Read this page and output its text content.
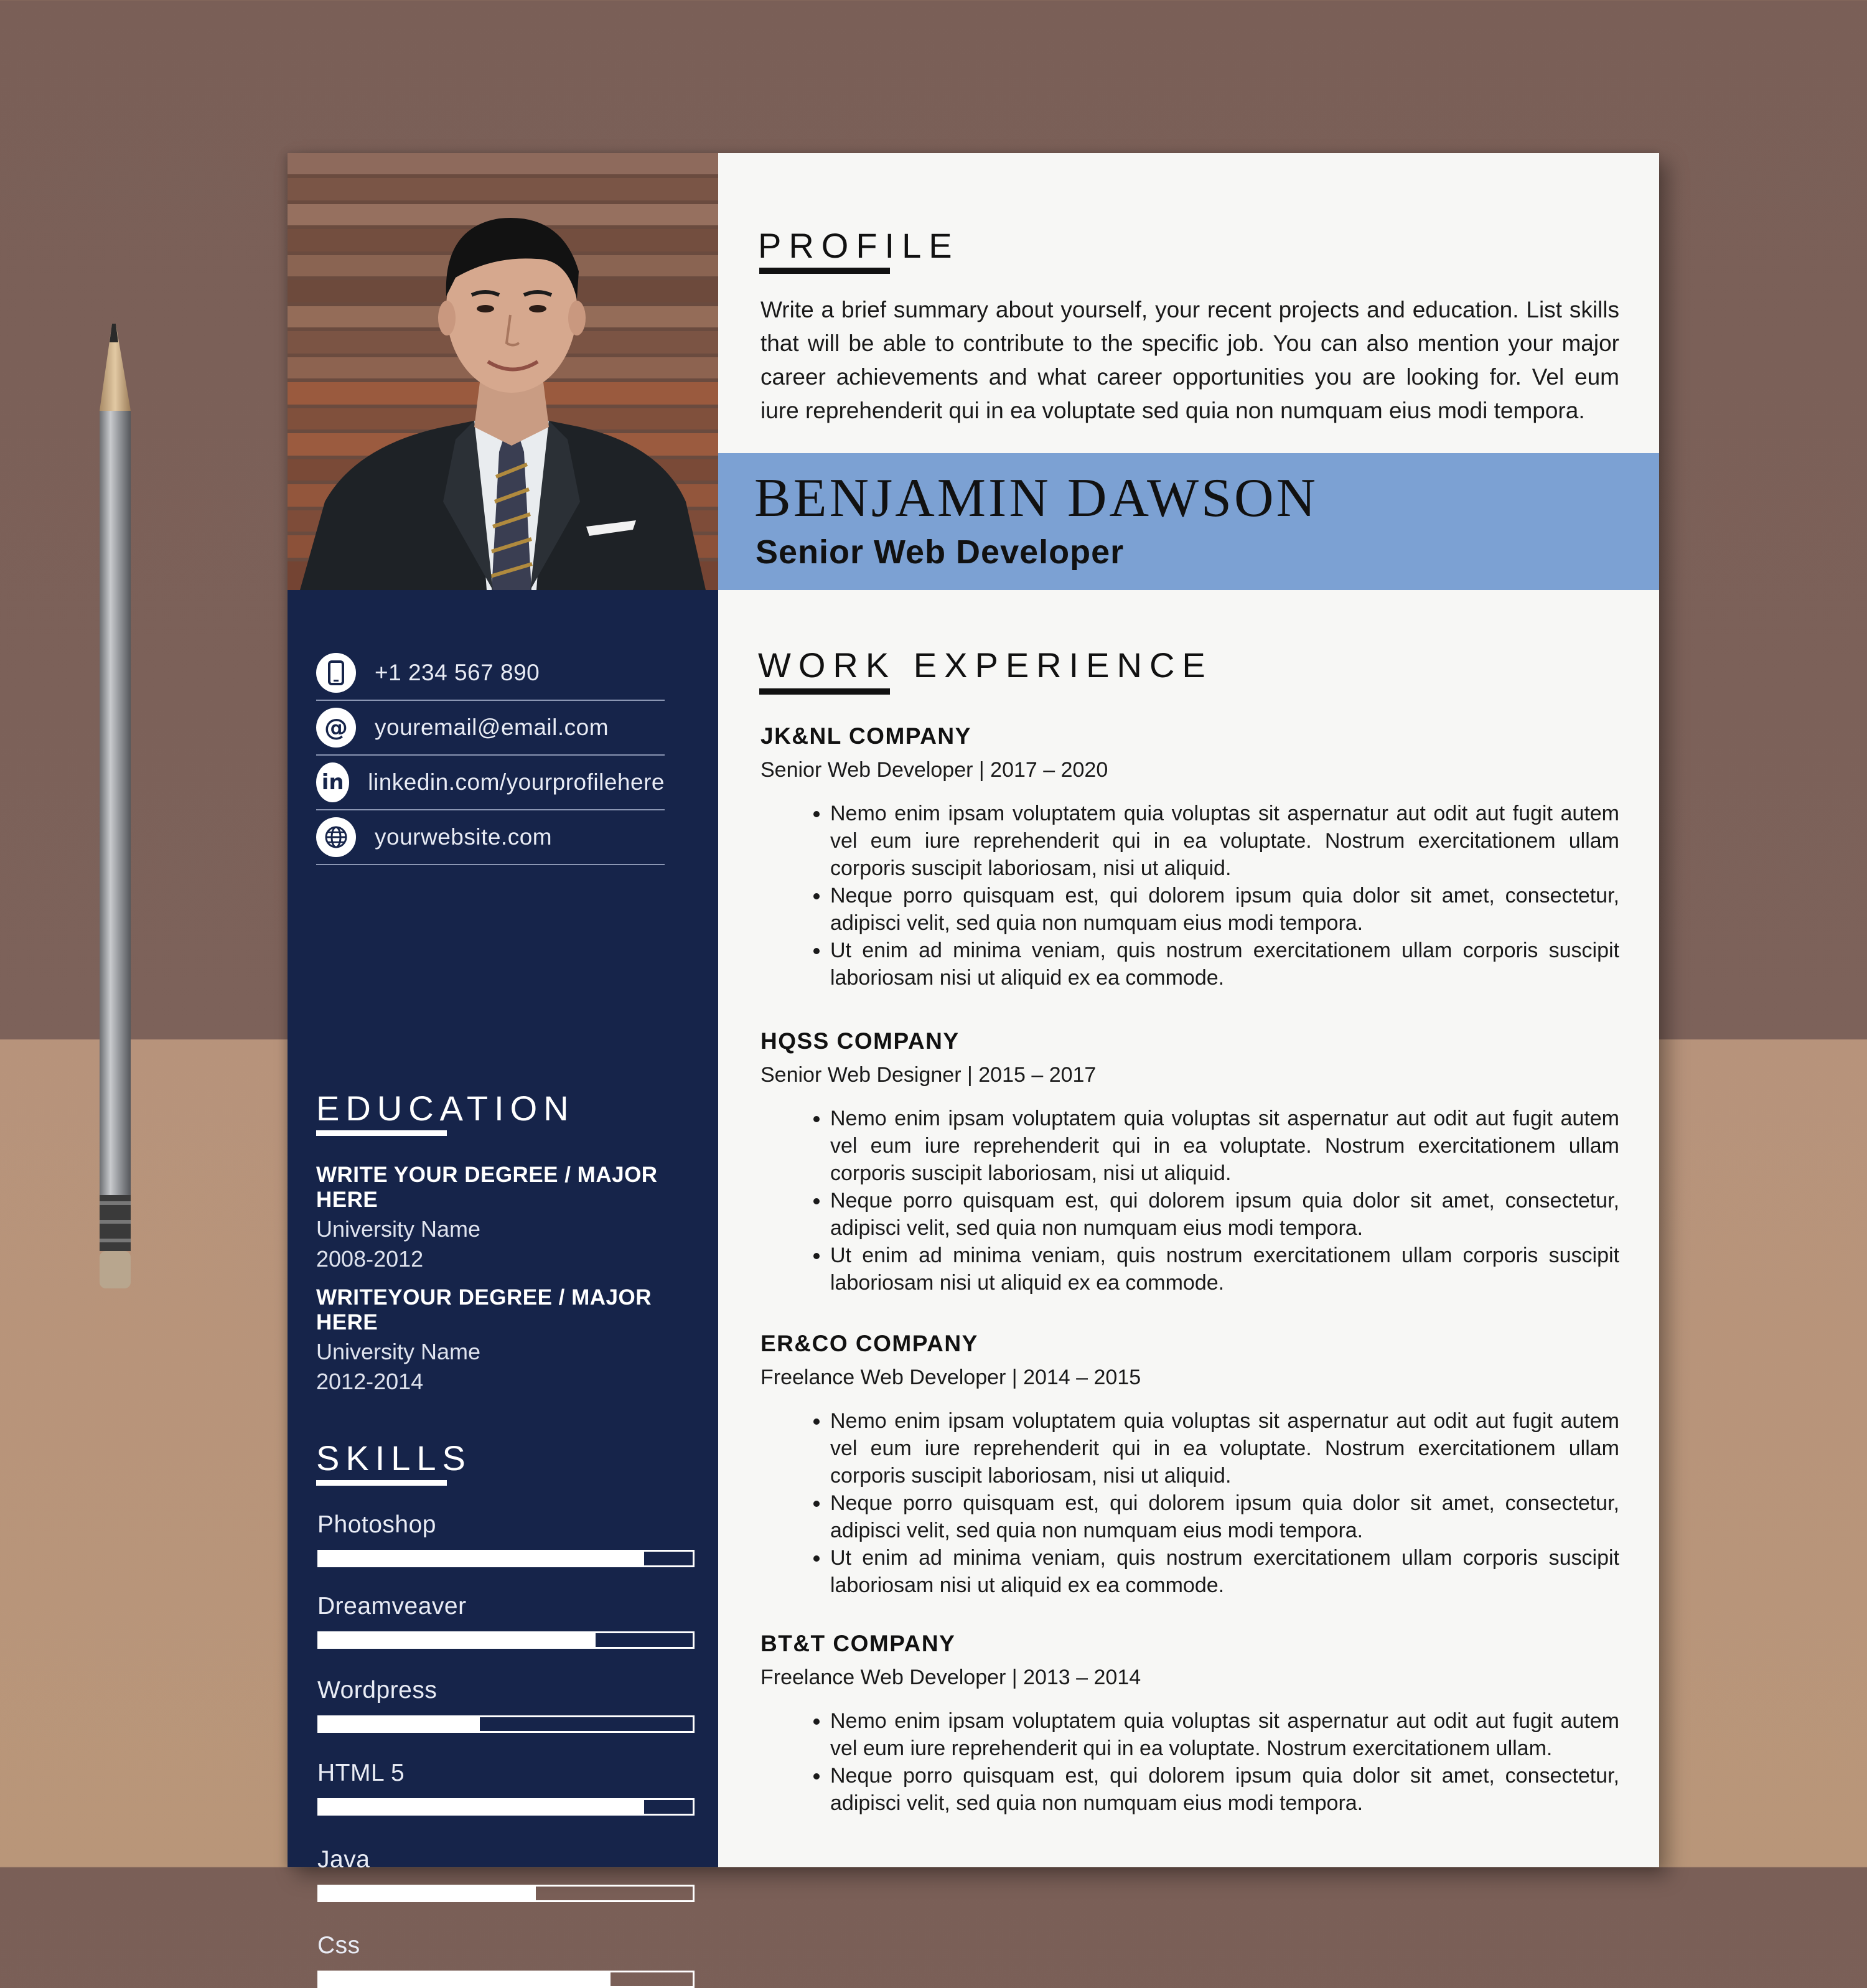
+1 234 567 890
@	youremail@email.com
in linkedin.com/yourprofilehere
yourwebsite.com
EDUCATION
WRITE YOUR DEGREE / MAJOR HERE
University Name
2008-2012
WRITEYOUR DEGREE / MAJOR HERE
University Name
2012-2014
SKILLS
Photoshop
Dreamveaver
Wordpress
HTML 5
Java
Css
PROFILE
Write a brief summary about yourself, your recent projects and education. List skills that will be able to contribute to the specific job. You can also mention your major career achievements and what career opportunities you are looking for. Vel eum iure reprehenderit qui in ea voluptate sed quia non numquam eius modi tempora.
BENJAMIN DAWSON
Senior Web Developer
WORK EXPERIENCE
JK&NL COMPANY
Senior Web Developer | 2017 – 2020
• Nemo enim ipsam voluptatem quia voluptas sit aspernatur aut odit aut fugit autem vel eum iure reprehenderit qui in ea voluptate. Nostrum exercitationem ullam corporis suscipit laboriosam, nisi ut aliquid.
• Neque porro quisquam est, qui dolorem ipsum quia dolor sit amet, consectetur, adipisci velit, sed quia non numquam eius modi tempora.
• Ut enim ad minima veniam, quis nostrum exercitationem ullam corporis suscipit laboriosam nisi ut aliquid ex ea commode.
HQSS COMPANY
Senior Web Designer | 2015 – 2017
• Nemo enim ipsam voluptatem quia voluptas sit aspernatur aut odit aut fugit autem vel eum iure reprehenderit qui in ea voluptate. Nostrum exercitationem ullam corporis suscipit laboriosam, nisi ut aliquid.
• Neque porro quisquam est, qui dolorem ipsum quia dolor sit amet, consectetur, adipisci velit, sed quia non numquam eius modi tempora.
• Ut enim ad minima veniam, quis nostrum exercitationem ullam corporis suscipit laboriosam nisi ut aliquid ex ea commode.
ER&CO COMPANY
Freelance Web Developer | 2014 – 2015
• Nemo enim ipsam voluptatem quia voluptas sit aspernatur aut odit aut fugit autem vel eum iure reprehenderit qui in ea voluptate. Nostrum exercitationem ullam corporis suscipit laboriosam, nisi ut aliquid.
• Neque porro quisquam est, qui dolorem ipsum quia dolor sit amet, consectetur, adipisci velit, sed quia non numquam eius modi tempora.
• Ut enim ad minima veniam, quis nostrum exercitationem ullam corporis suscipit laboriosam nisi ut aliquid ex ea commode.
BT&T COMPANY
Freelance Web Developer | 2013 – 2014
• Nemo enim ipsam voluptatem quia voluptas sit aspernatur aut odit aut fugit autem vel eum iure reprehenderit qui in ea voluptate. Nostrum exercitationem ullam.
• Neque porro quisquam est, qui dolorem ipsum quia dolor sit amet, consectetur, adipisci velit, sed quia non numquam eius modi tempora.
